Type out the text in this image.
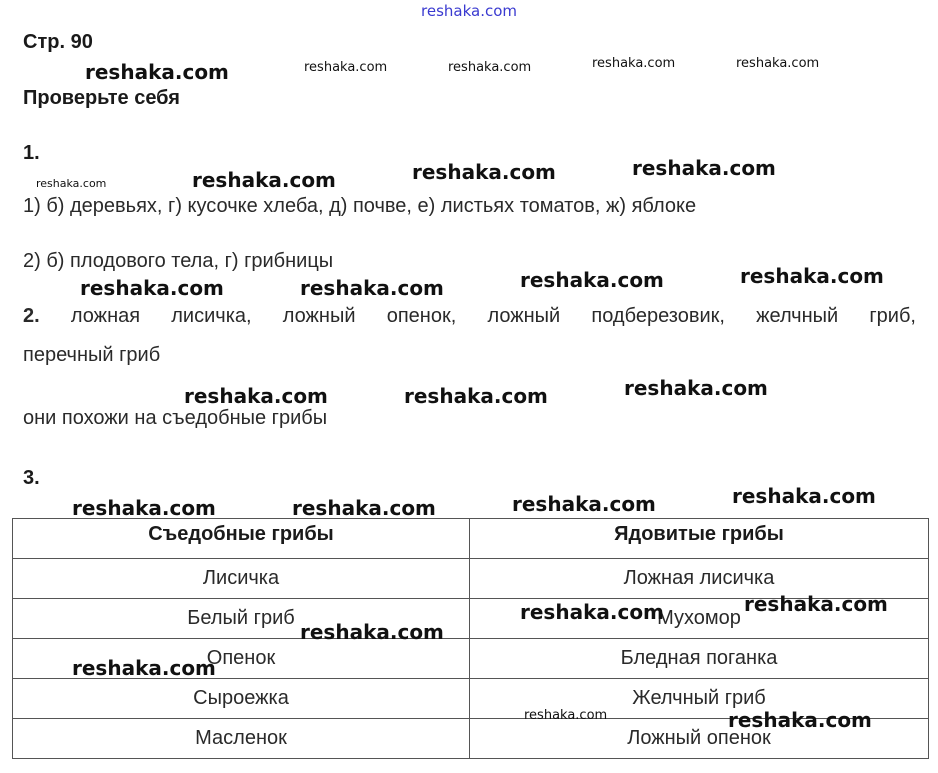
reshaka.com
Стр. 90
Проверьте себя
1.
1) б) деревьях, г) кусочке хлеба, д) почве, е) листьях томатов, ж) яблоке
2) б) плодового тела, г) грибницы
2. ложная лисичка, ложный опенок, ложный подберезовик, желчный гриб,
перечный гриб
они похожи на съедобные грибы
3.
Съедобные грибы	Ядовитые грибы
Лисичка	Ложная лисичка
Белый гриб	Мухомор
Опенок	Бледная поганка
Сыроежка	Желчный гриб
Масленок	Ложный опенок
reshaka.com	reshaka.com	reshaka.com	reshaka.com	reshaka.com
reshaka.com	reshaka.com	reshaka.com	reshaka.com
reshaka.com	reshaka.com	reshaka.com	reshaka.com
reshaka.com	reshaka.com	reshaka.com
reshaka.com	reshaka.com	reshaka.com	reshaka.com
reshaka.com	reshaka.com
reshaka.com
reshaka.com
reshaka.com	reshaka.com
